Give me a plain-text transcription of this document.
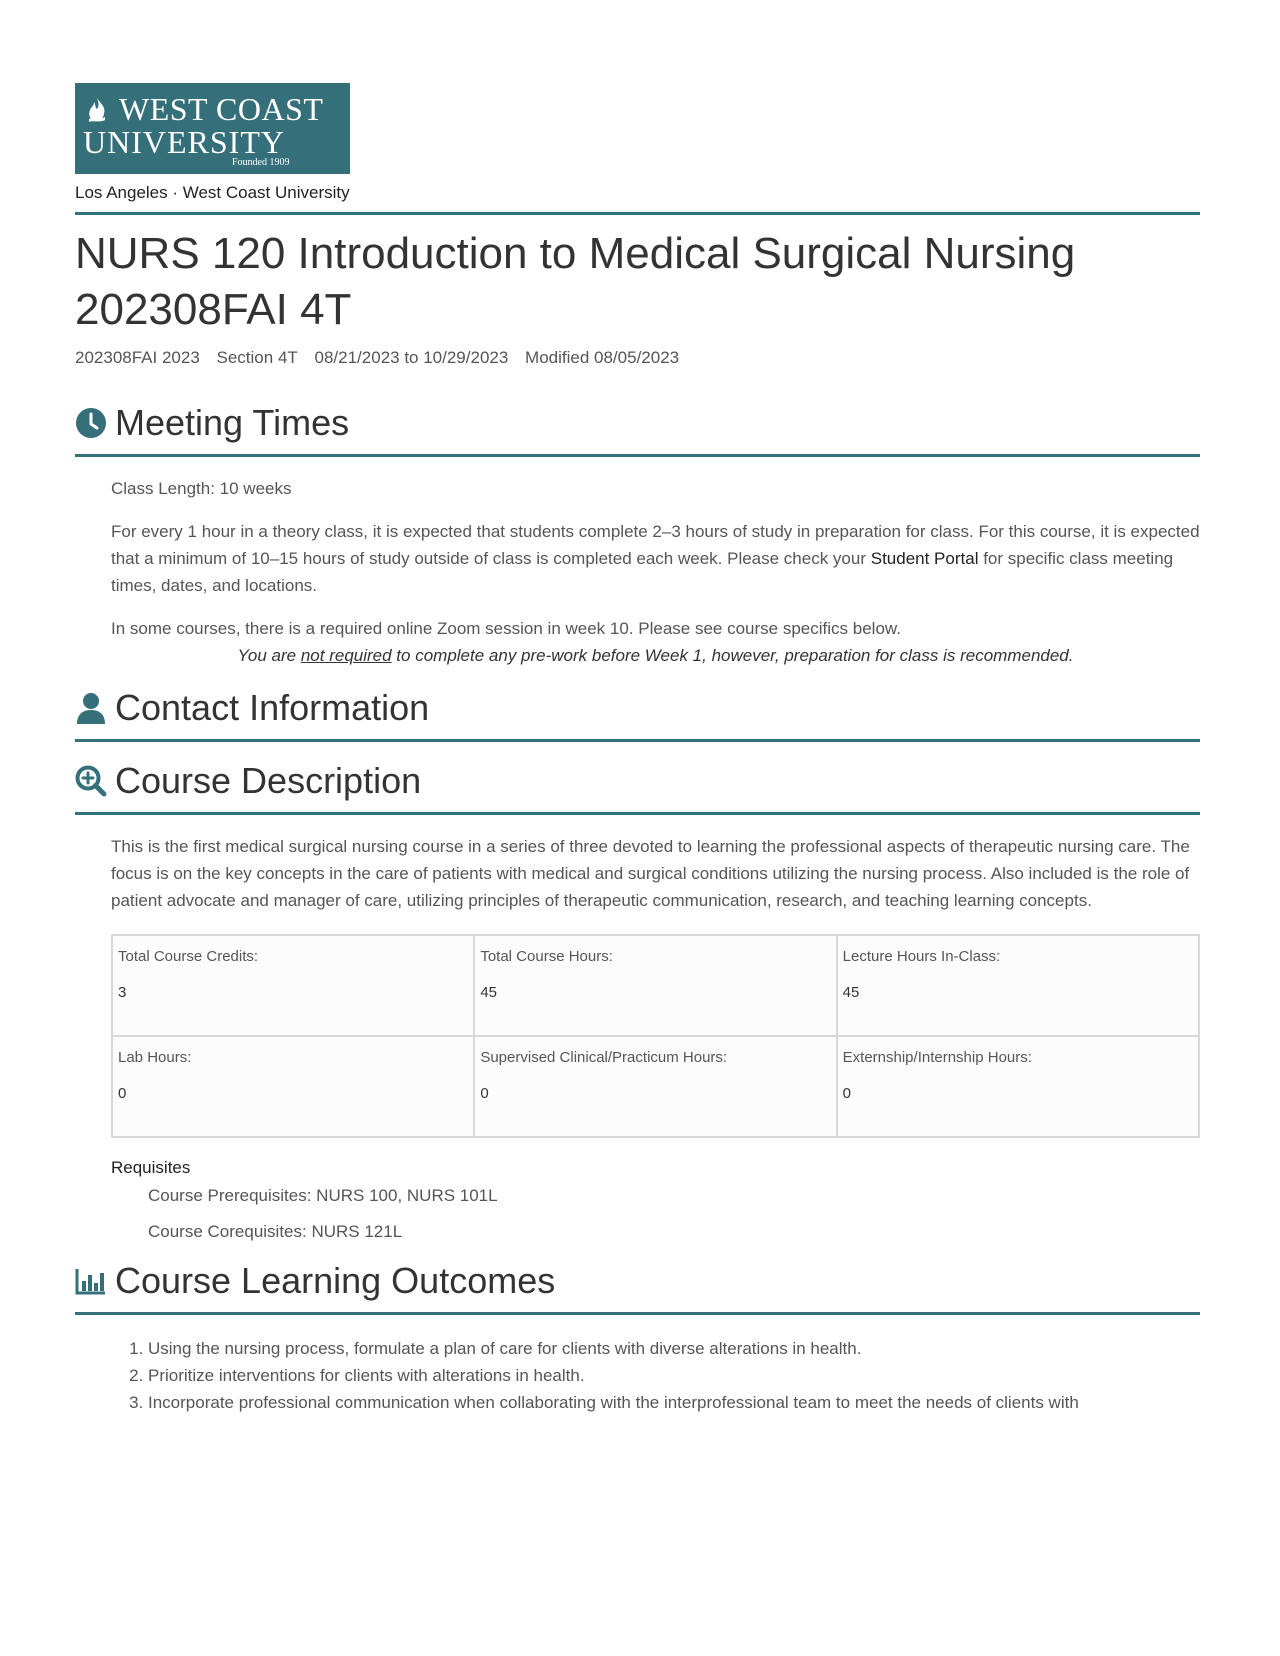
WEST COAST
UNIVERSITY
Founded 1909
Los Angeles · West Coast University
NURS 120 Introduction to Medical Surgical Nursing 202308FAI 4T
202308FAI 2023 Section 4T 08/21/2023 to 10/29/2023 Modified 08/05/2023
Meeting Times

Class Length: 10 weeks

For every 1 hour in a theory class, it is expected that students complete 2–3 hours of study in preparation for class. For this course, it is expected that a minimum of 10–15 hours of study outside of class is completed each week. Please check your Student Portal for specific class meeting times, dates, and locations.

In some courses, there is a required online Zoom session in week 10. Please see course specifics below.

You are not required to complete any pre-work before Week 1, however, preparation for class is recommended.

Contact Information
Course Description

This is the first medical surgical nursing course in a series of three devoted to learning the professional aspects of therapeutic nursing care. The focus is on the key concepts in the care of patients with medical and surgical conditions utilizing the nursing process. Also included is the role of patient advocate and manager of care, utilizing principles of therapeutic communication, research, and teaching learning concepts.

Total Course Credits:
3	Total Course Hours:
45	Lecture Hours In-Class:
45

Lab Hours:
0	Supervised Clinical/Practicum Hours:
0	Externship/Internship Hours:
0
Requisites
Course Prerequisites: NURS 100, NURS 101L
Course Corequisites: NURS 121L
Course Learning Outcomes
1. Using the nursing process, formulate a plan of care for clients with diverse alterations in health.
2. Prioritize interventions for clients with alterations in health.
3. Incorporate professional communication when collaborating with the interprofessional team to meet the needs of clients with
